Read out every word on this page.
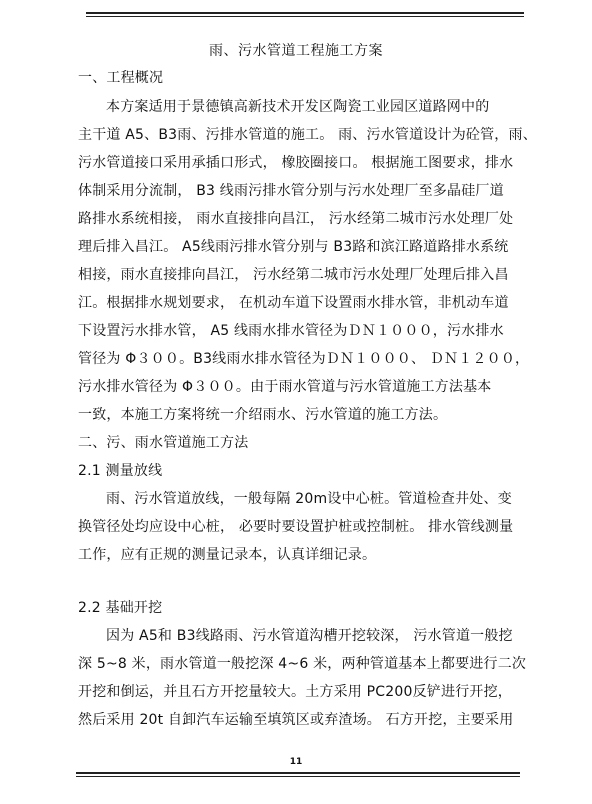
雨、污水管道工程施工方案
一、工程概况
本方案适用于景德镇高新技术开发区陶瓷工业园区道路网中的
主干道 A5、B3雨、污排水管道的施工。 雨、污水管道设计为砼管，雨、
污水管道接口采用承插口形式， 橡胶圈接口。 根据施工图要求，排水
体制采用分流制， B3 线雨污排水管分别与污水处理厂至多晶硅厂道
路排水系统相接， 雨水直接排向昌江， 污水经第二城市污水处理厂处
理后排入昌江。 A5线雨污排水管分别与 B3路和滨江路道路排水系统
相接，雨水直接排向昌江， 污水经第二城市污水处理厂处理后排入昌
江。根据排水规划要求， 在机动车道下设置雨水排水管，非机动车道
下设置污水排水管， A5 线雨水排水管径为ＤＮ１０００，污水排水
管径为 Φ３００。B3线雨水排水管径为ＤＮ１０００、 ＤＮ１２００，
污水排水管径为 Φ３００。由于雨水管道与污水管道施工方法基本
一致，本施工方案将统一介绍雨水、污水管道的施工方法。
二、污、雨水管道施工方法
2.1 测量放线
雨、污水管道放线，一般每隔 20m设中心桩。管道检查井处、变
换管径处均应设中心桩， 必要时要设置护桩或控制桩。 排水管线测量
工作，应有正规的测量记录本，认真详细记录。
2.2 基础开挖
因为 A5和 B3线路雨、污水管道沟槽开挖较深， 污水管道一般挖
深 5~8 米，雨水管道一般挖深 4~6 米，两种管道基本上都要进行二次
开挖和倒运，并且石方开挖量较大。土方采用 PC200反铲进行开挖，
然后采用 20t 自卸汽车运输至填筑区或弃渣场。 石方开挖，主要采用
11
